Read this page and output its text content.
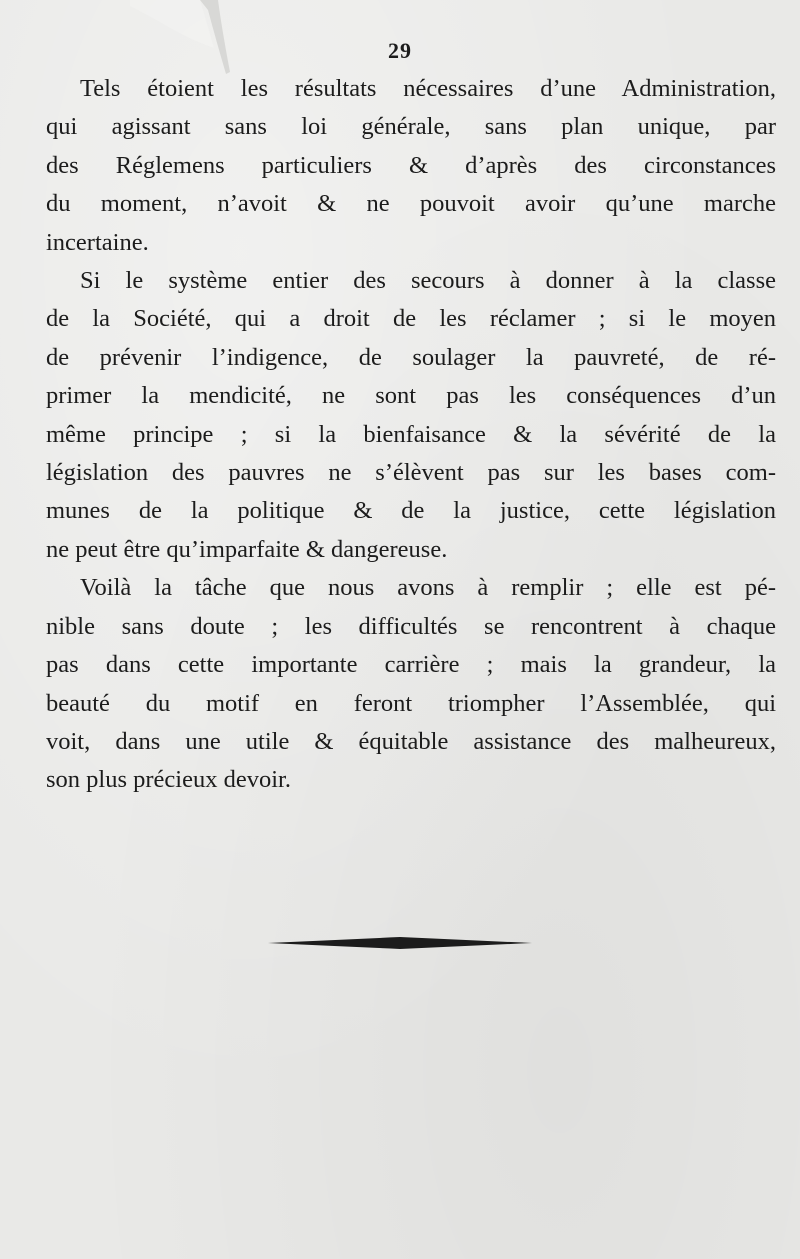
29

Tels étoient les résultats nécessaires d’une Administration,
qui agissant sans loi générale, sans plan unique, par
des Réglemens particuliers & d’après des circonstances
du moment, n’avoit & ne pouvoit avoir qu’une marche
incertaine.

Si le système entier des secours à donner à la classe
de la Société, qui a droit de les réclamer ; si le moyen
de prévenir l’indigence, de soulager la pauvreté, de ré-
primer la mendicité, ne sont pas les conséquences d’un
même principe ; si la bienfaisance & la sévérité de la
législation des pauvres ne s’élèvent pas sur les bases com-
munes de la politique & de la justice, cette législation
ne peut être qu’imparfaite & dangereuse.

Voilà la tâche que nous avons à remplir ; elle est pé-
nible sans doute ; les difficultés se rencontrent à chaque
pas dans cette importante carrière ; mais la grandeur, la
beauté du motif en feront triompher l’Assemblée, qui
voit, dans une utile & équitable assistance des malheureux,
son plus précieux devoir.
